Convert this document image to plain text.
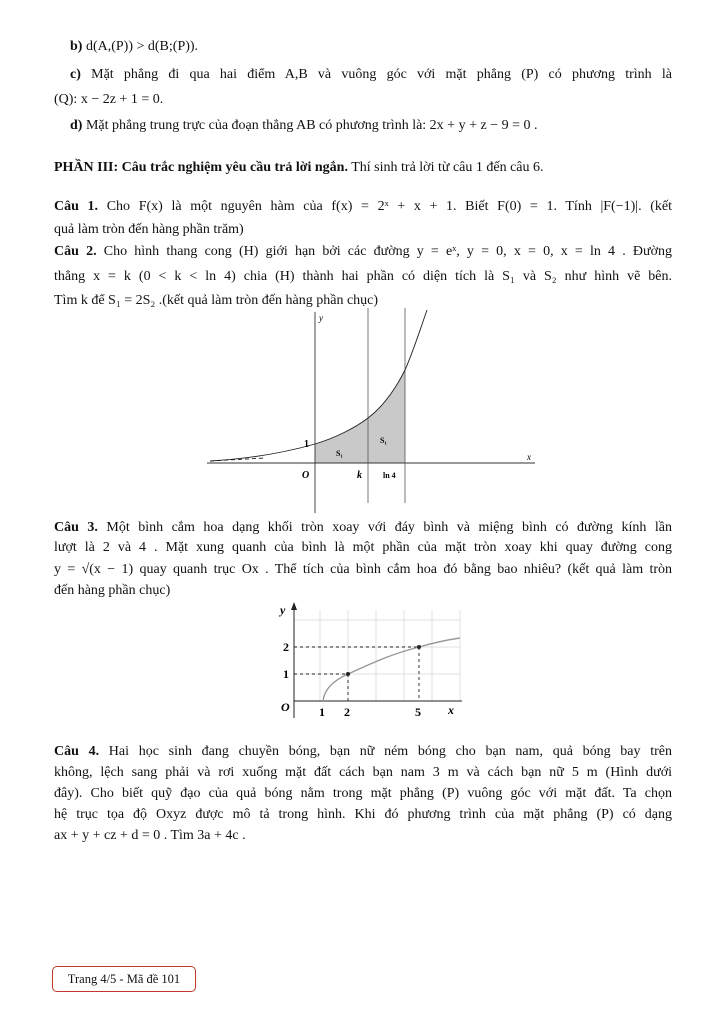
b) d(A,(P)) > d(B;(P)).
c) Mặt phẳng đi qua hai điểm A,B và vuông góc với mặt phẳng (P) có phương trình là
(Q): x − 2z + 1 = 0.
d) Mặt phẳng trung trực của đoạn thẳng AB có phương trình là: 2x + y + z − 9 = 0 .
PHẦN III: Câu trắc nghiệm yêu cầu trả lời ngắn. Thí sinh trả lời từ câu 1 đến câu 6.
Câu 1. Cho F(x) là một nguyên hàm của f(x) = 2ˣ + x + 1. Biết F(0) = 1. Tính |F(−1)|. (kết
quả làm tròn đến hàng phần trăm)
Câu 2. Cho hình thang cong (H) giới hạn bởi các đường y = eˣ, y = 0, x = 0, x = ln 4 . Đường
thẳng x = k (0 < k < ln 4) chia (H) thành hai phần có diện tích là S₁ và S₂ như hình vẽ bên.
Tìm k để S₁ = 2S₂ .(kết quả làm tròn đến hàng phần chục)
y
x
1
O	k	ln 4
S₁
S₁
Câu 3. Một bình cắm hoa dạng khối tròn xoay với đáy bình và miệng bình có đường kính lần
lượt là 2 và 4 . Mặt xung quanh của bình là một phần của mặt tròn xoay khi quay đường cong
y = √(x − 1) quay quanh trục Ox . Thể tích của bình cắm hoa đó bằng bao nhiêu? (kết quả làm tròn
đến hàng phần chục)
y
x
O 1 2	5
1
2
Câu 4. Hai học sinh đang chuyền bóng, bạn nữ ném bóng cho bạn nam, quả bóng bay trên
không, lệch sang phải và rơi xuống mặt đất cách bạn nam 3 m và cách bạn nữ 5 m (Hình dưới
đây). Cho biết quỹ đạo của quả bóng nằm trong mặt phẳng (P) vuông góc với mặt đất. Ta chọn
hệ trục tọa độ Oxyz được mô tả trong hình. Khi đó phương trình của mặt phẳng (P) có dạng
ax + y + cz + d = 0 . Tìm 3a + 4c .
Trang 4/5 - Mã đề 101
